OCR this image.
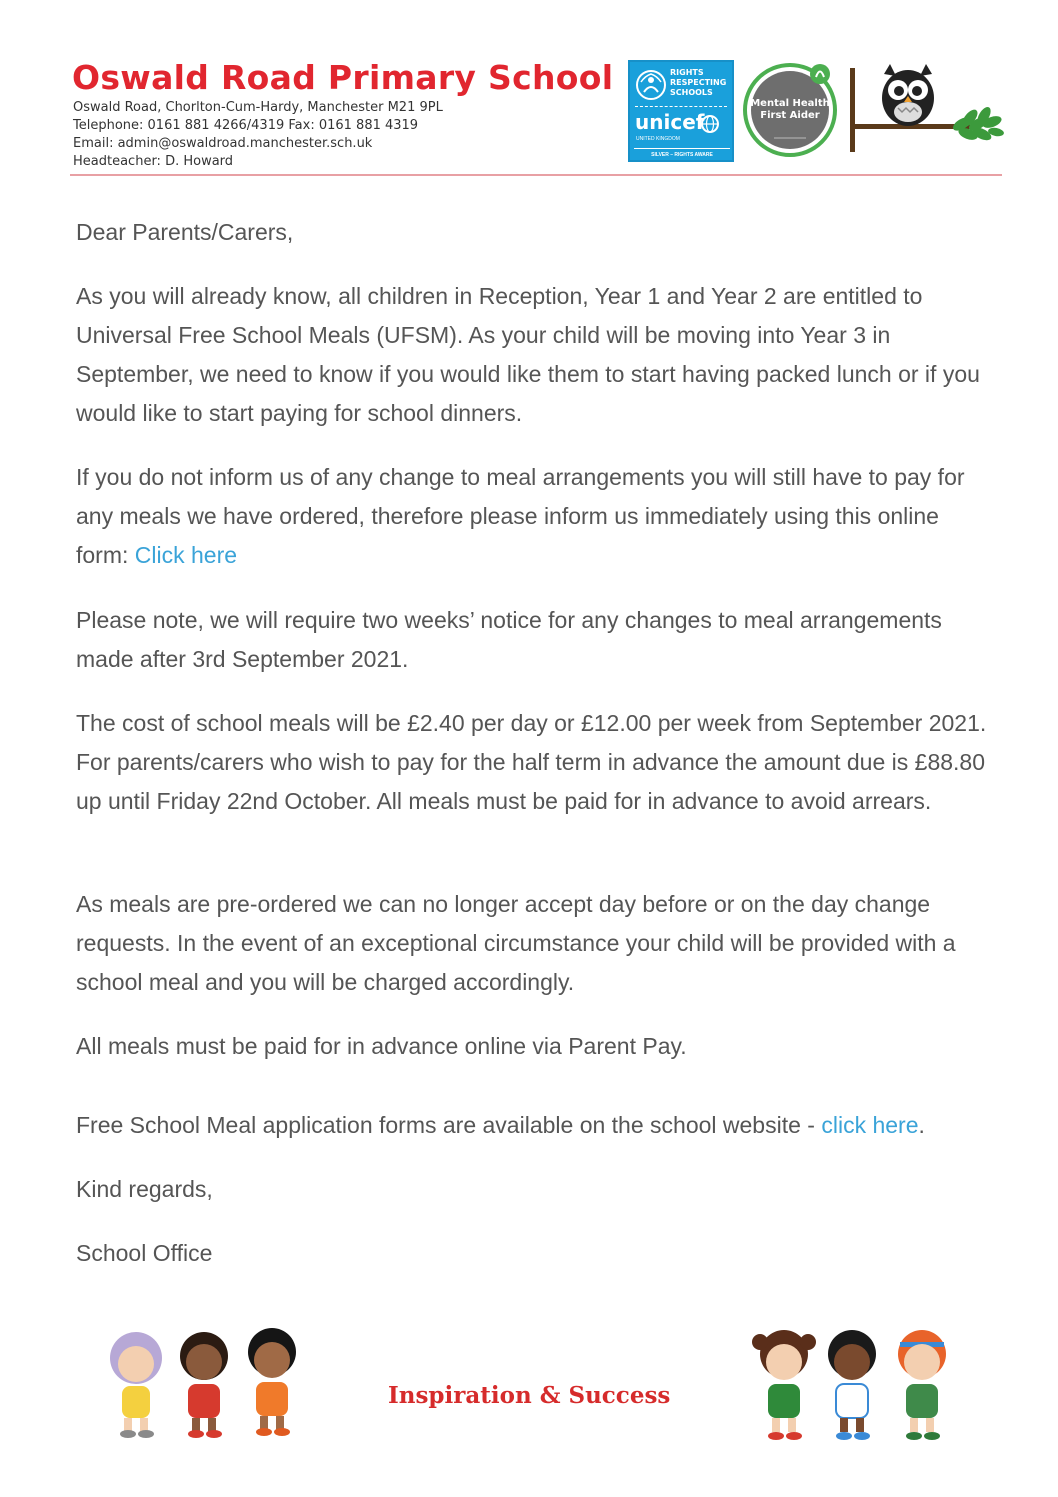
Oswald Road Primary School
Oswald Road, Chorlton-Cum-Hardy, Manchester M21 9PL
Telephone: 0161 881 4266/4319 Fax: 0161 881 4319
Email: admin@oswaldroad.manchester.sch.uk
Headteacher: D. Howard
RIGHTS
RESPECTING
SCHOOLS
unicef
UNITED KINGDOM
SILVER – RIGHTS AWARE
Mental Health
First Aider

Dear Parents/Carers,

As you will already know, all children in Reception, Year 1 and Year 2 are entitled to Universal Free School Meals (UFSM). As your child will be moving into Year 3 in September, we need to know if you would like them to start having packed lunch or if you would like to start paying for school dinners.

If you do not inform us of any change to meal arrangements you will still have to pay for any meals we have ordered, therefore please inform us immediately using this online form: Click here

Please note, we will require two weeks’ notice for any changes to meal arrangements made after 3rd September 2021.

The cost of school meals will be £2.40 per day or £12.00 per week from September 2021. For parents/carers who wish to pay for the half term in advance the amount due is £88.80 up until Friday 22nd October. All meals must be paid for in advance to avoid arrears.

As meals are pre-ordered we can no longer accept day before or on the day change requests. In the event of an exceptional circumstance your child will be provided with a school meal and you will be charged accordingly.

All meals must be paid for in advance online via Parent Pay.

Free School Meal application forms are available on the school website - click here.

Kind regards,

School Office

Inspiration & Success
